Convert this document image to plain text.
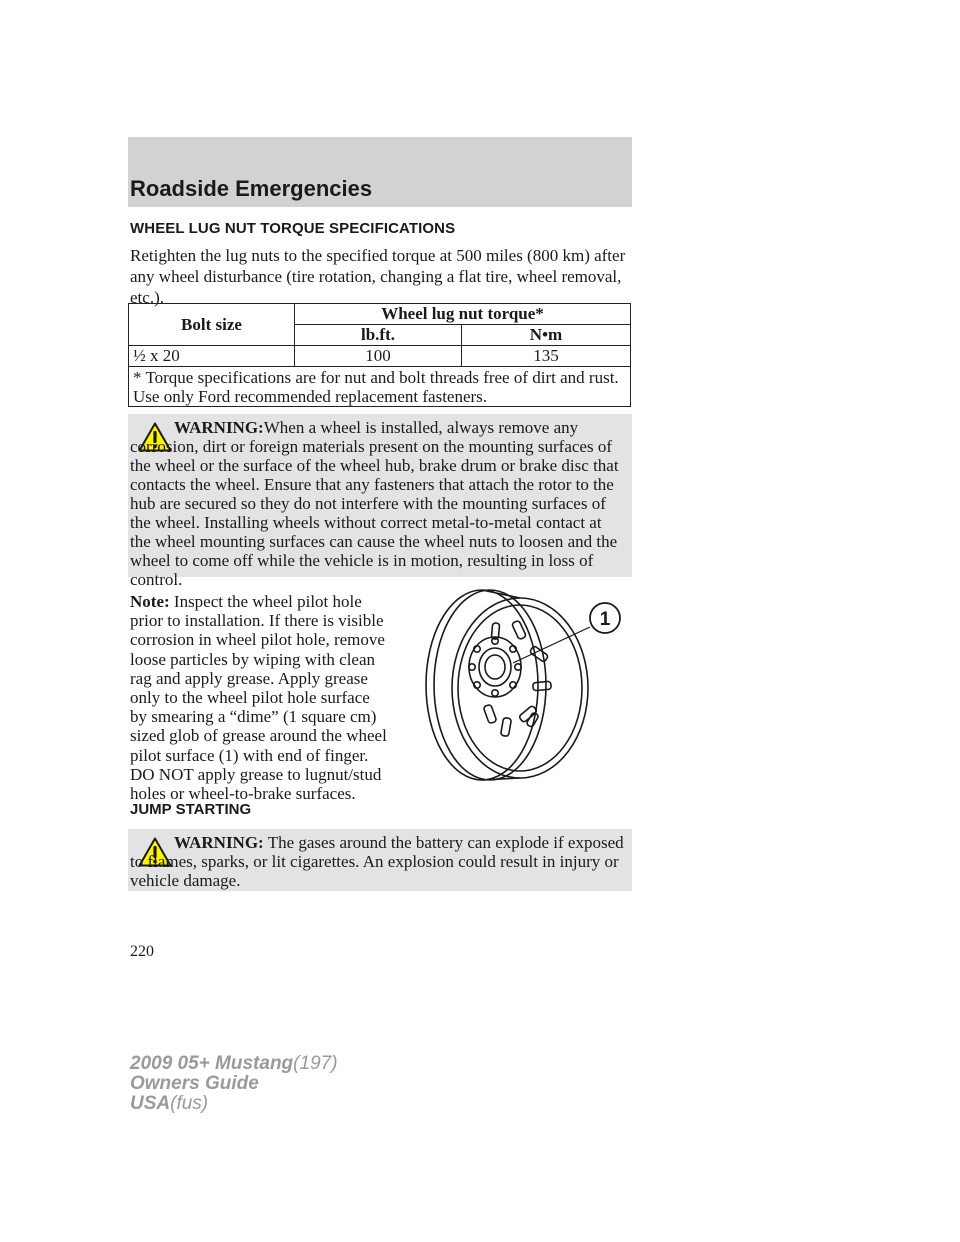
Roadside Emergencies
WHEEL LUG NUT TORQUE SPECIFICATIONS
Retighten the lug nuts to the specified torque at 500 miles (800 km) after any wheel disturbance (tire rotation, changing a flat tire, wheel removal, etc.).
Bolt size	Wheel lug nut torque*	
	lb.ft.	N•m
½ x 20	100	135
* Torque specifications are for nut and bolt threads free of dirt and rust. Use only Ford recommended replacement fasteners.		
WARNING:When a wheel is installed, always remove any corrosion, dirt or foreign materials present on the mounting surfaces of the wheel or the surface of the wheel hub, brake drum or brake disc that contacts the wheel. Ensure that any fasteners that attach the rotor to the hub are secured so they do not interfere with the mounting surfaces of the wheel. Installing wheels without correct metal-to-metal contact at the wheel mounting surfaces can cause the wheel nuts to loosen and the wheel to come off while the vehicle is in motion, resulting in loss of control.
Note: Inspect the wheel pilot hole prior to installation. If there is visible corrosion in wheel pilot hole, remove loose particles by wiping with clean rag and apply grease. Apply grease only to the wheel pilot hole surface by smearing a “dime” (1 square cm) sized glob of grease around the wheel pilot surface (1) with end of finger. DO NOT apply grease to lugnut/stud holes or wheel-to-brake surfaces.
1
JUMP STARTING
WARNING: The gases around the battery can explode if exposed to flames, sparks, or lit cigarettes. An explosion could result in injury or vehicle damage.
220
2009 05+ Mustang(197)
Owners Guide
USA(fus)
